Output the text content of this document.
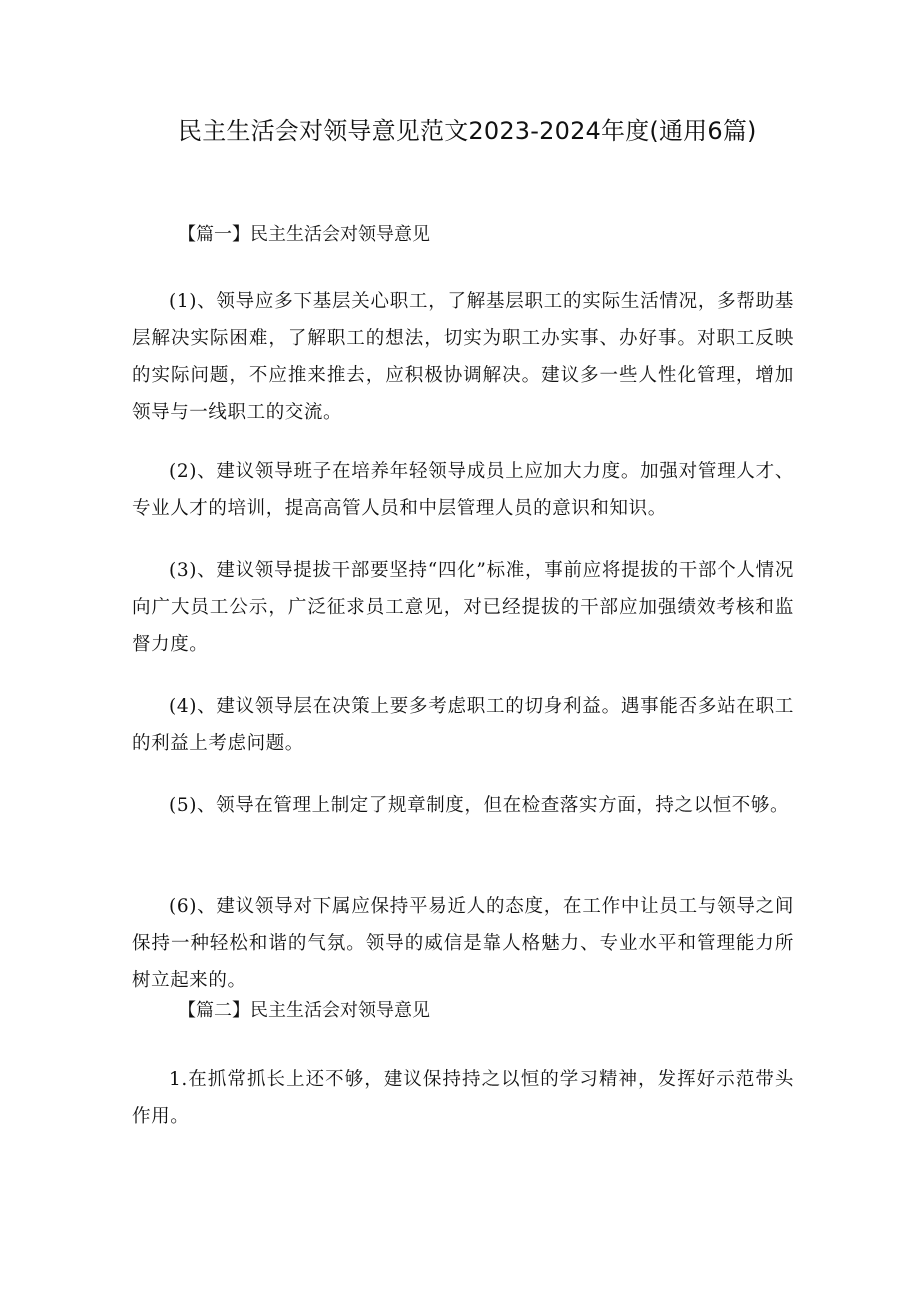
民主生活会对领导意见范文2023-2024年度(通用6篇)
【篇一】民主生活会对领导意见

(1)、领导应多下基层关心职工，了解基层职工的实际生活情况，多帮助基层解决实际困难，了解职工的想法，切实为职工办实事、办好事。对职工反映的实际问题，不应推来推去，应积极协调解决。建议多一些人性化管理，增加领导与一线职工的交流。

(2)、建议领导班子在培养年轻领导成员上应加大力度。加强对管理人才、专业人才的培训，提高高管人员和中层管理人员的意识和知识。

(3)、建议领导提拔干部要坚持“四化”标准，事前应将提拔的干部个人情况向广大员工公示，广泛征求员工意见，对已经提拔的干部应加强绩效考核和监督力度。

(4)、建议领导层在决策上要多考虑职工的切身利益。遇事能否多站在职工的利益上考虑问题。

(5)、领导在管理上制定了规章制度，但在检查落实方面，持之以恒不够。

(6)、建议领导对下属应保持平易近人的态度，在工作中让员工与领导之间保持一种轻松和谐的气氛。领导的威信是靠人格魅力、专业水平和管理能力所树立起来的。

【篇二】民主生活会对领导意见

1.在抓常抓长上还不够，建议保持持之以恒的学习精神，发挥好示范带头作用。
